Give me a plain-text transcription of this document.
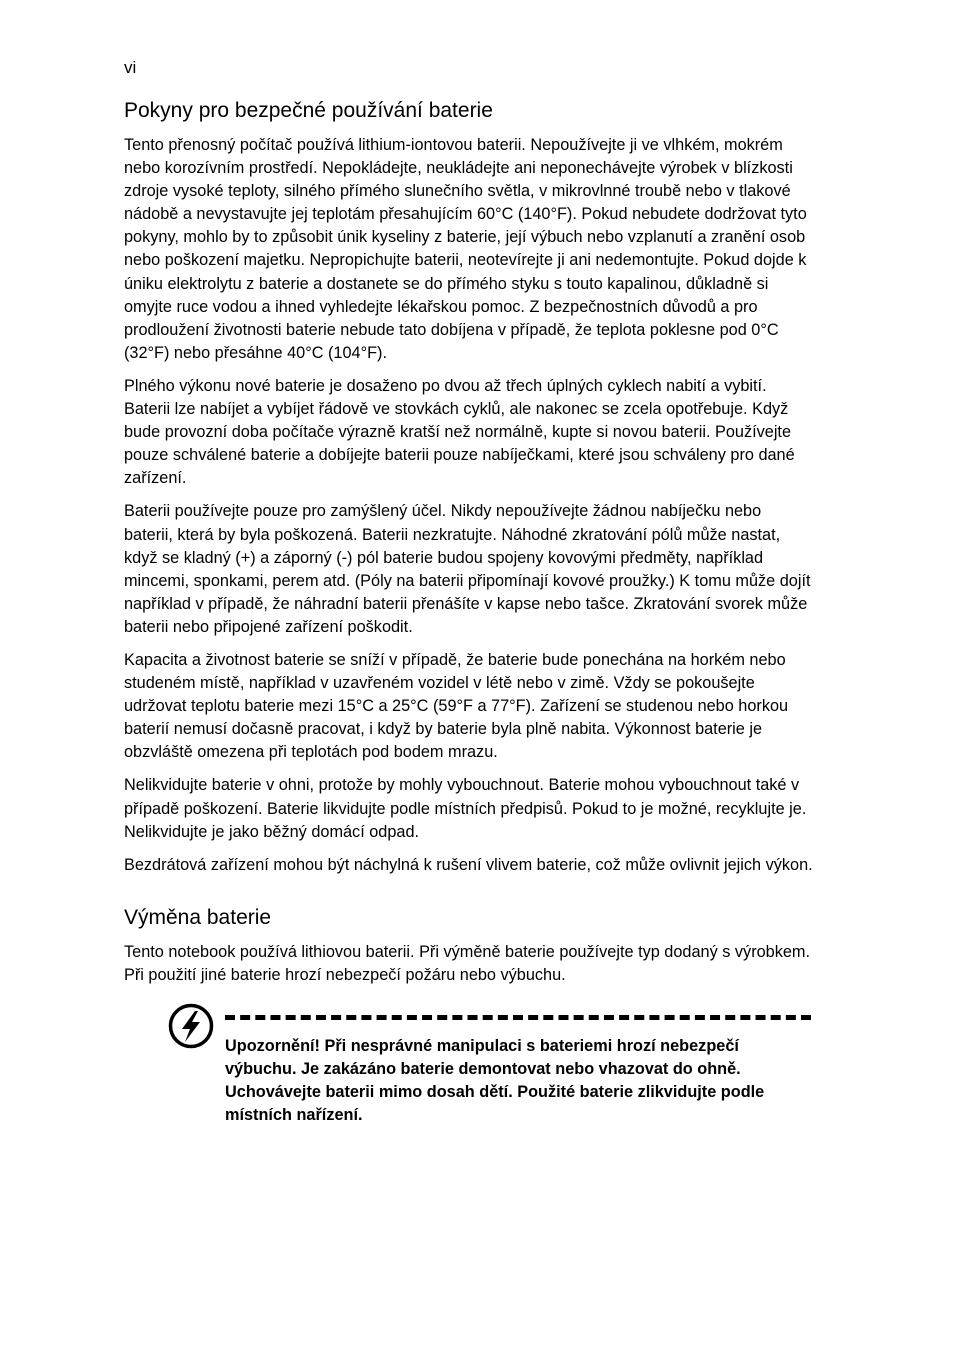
vi
Pokyny pro bezpečné používání baterie

Tento přenosný počítač používá lithium-iontovou baterii. Nepoužívejte ji ve vlhkém, mokrém nebo korozívním prostředí. Nepokládejte, neukládejte ani neponechávejte výrobek v blízkosti zdroje vysoké teploty, silného přímého slunečního světla, v mikrovlnné troubě nebo v tlakové nádobě a nevystavujte jej teplotám přesahujícím 60°C (140°F). Pokud nebudete dodržovat tyto pokyny, mohlo by to způsobit únik kyseliny z baterie, její výbuch nebo vzplanutí a zranění osob nebo poškození majetku. Nepropichujte baterii, neotevírejte ji ani nedemontujte. Pokud dojde k úniku elektrolytu z baterie a dostanete se do přímého styku s touto kapalinou, důkladně si omyjte ruce vodou a ihned vyhledejte lékařskou pomoc. Z bezpečnostních důvodů a pro prodloužení životnosti baterie nebude tato dobíjena v případě, že teplota poklesne pod 0°C (32°F) nebo přesáhne 40°C (104°F).

Plného výkonu nové baterie je dosaženo po dvou až třech úplných cyklech nabití a vybití. Baterii lze nabíjet a vybíjet řádově ve stovkách cyklů, ale nakonec se zcela opotřebuje. Když bude provozní doba počítače výrazně kratší než normálně, kupte si novou baterii. Používejte pouze schválené baterie a dobíjejte baterii pouze nabíječkami, které jsou schváleny pro dané zařízení.

Baterii používejte pouze pro zamýšlený účel. Nikdy nepoužívejte žádnou nabíječku nebo baterii, která by byla poškozená. Baterii nezkratujte. Náhodné zkratování pólů může nastat, když se kladný (+) a záporný (-) pól baterie budou spojeny kovovými předměty, například mincemi, sponkami, perem atd. (Póly na baterii připomínají kovové proužky.) K tomu může dojít například v případě, že náhradní baterii přenášíte v kapse nebo tašce. Zkratování svorek může baterii nebo připojené zařízení poškodit.

Kapacita a životnost baterie se sníží v případě, že baterie bude ponechána na horkém nebo studeném místě, například v uzavřeném vozidel v létě nebo v zimě. Vždy se pokoušejte udržovat teplotu baterie mezi 15°C a 25°C (59°F a 77°F). Zařízení se studenou nebo horkou baterií nemusí dočasně pracovat, i když by baterie byla plně nabita. Výkonnost baterie je obzvláště omezena při teplotách pod bodem mrazu.

Nelikvidujte baterie v ohni, protože by mohly vybouchnout. Baterie mohou vybouchnout také v případě poškození. Baterie likvidujte podle místních předpisů. Pokud to je možné, recyklujte je. Nelikvidujte je jako běžný domácí odpad.

Bezdrátová zařízení mohou být náchylná k rušení vlivem baterie, což může ovlivnit jejich výkon.

Výměna baterie

Tento notebook používá lithiovou baterii. Při výměně baterie používejte typ dodaný s výrobkem. Při použití jiné baterie hrozí nebezpečí požáru nebo výbuchu.

Upozornění! Při nesprávné manipulaci s bateriemi hrozí nebezpečí výbuchu. Je zakázáno baterie demontovat nebo vhazovat do ohně. Uchovávejte baterii mimo dosah dětí. Použité baterie zlikvidujte podle místních nařízení.
